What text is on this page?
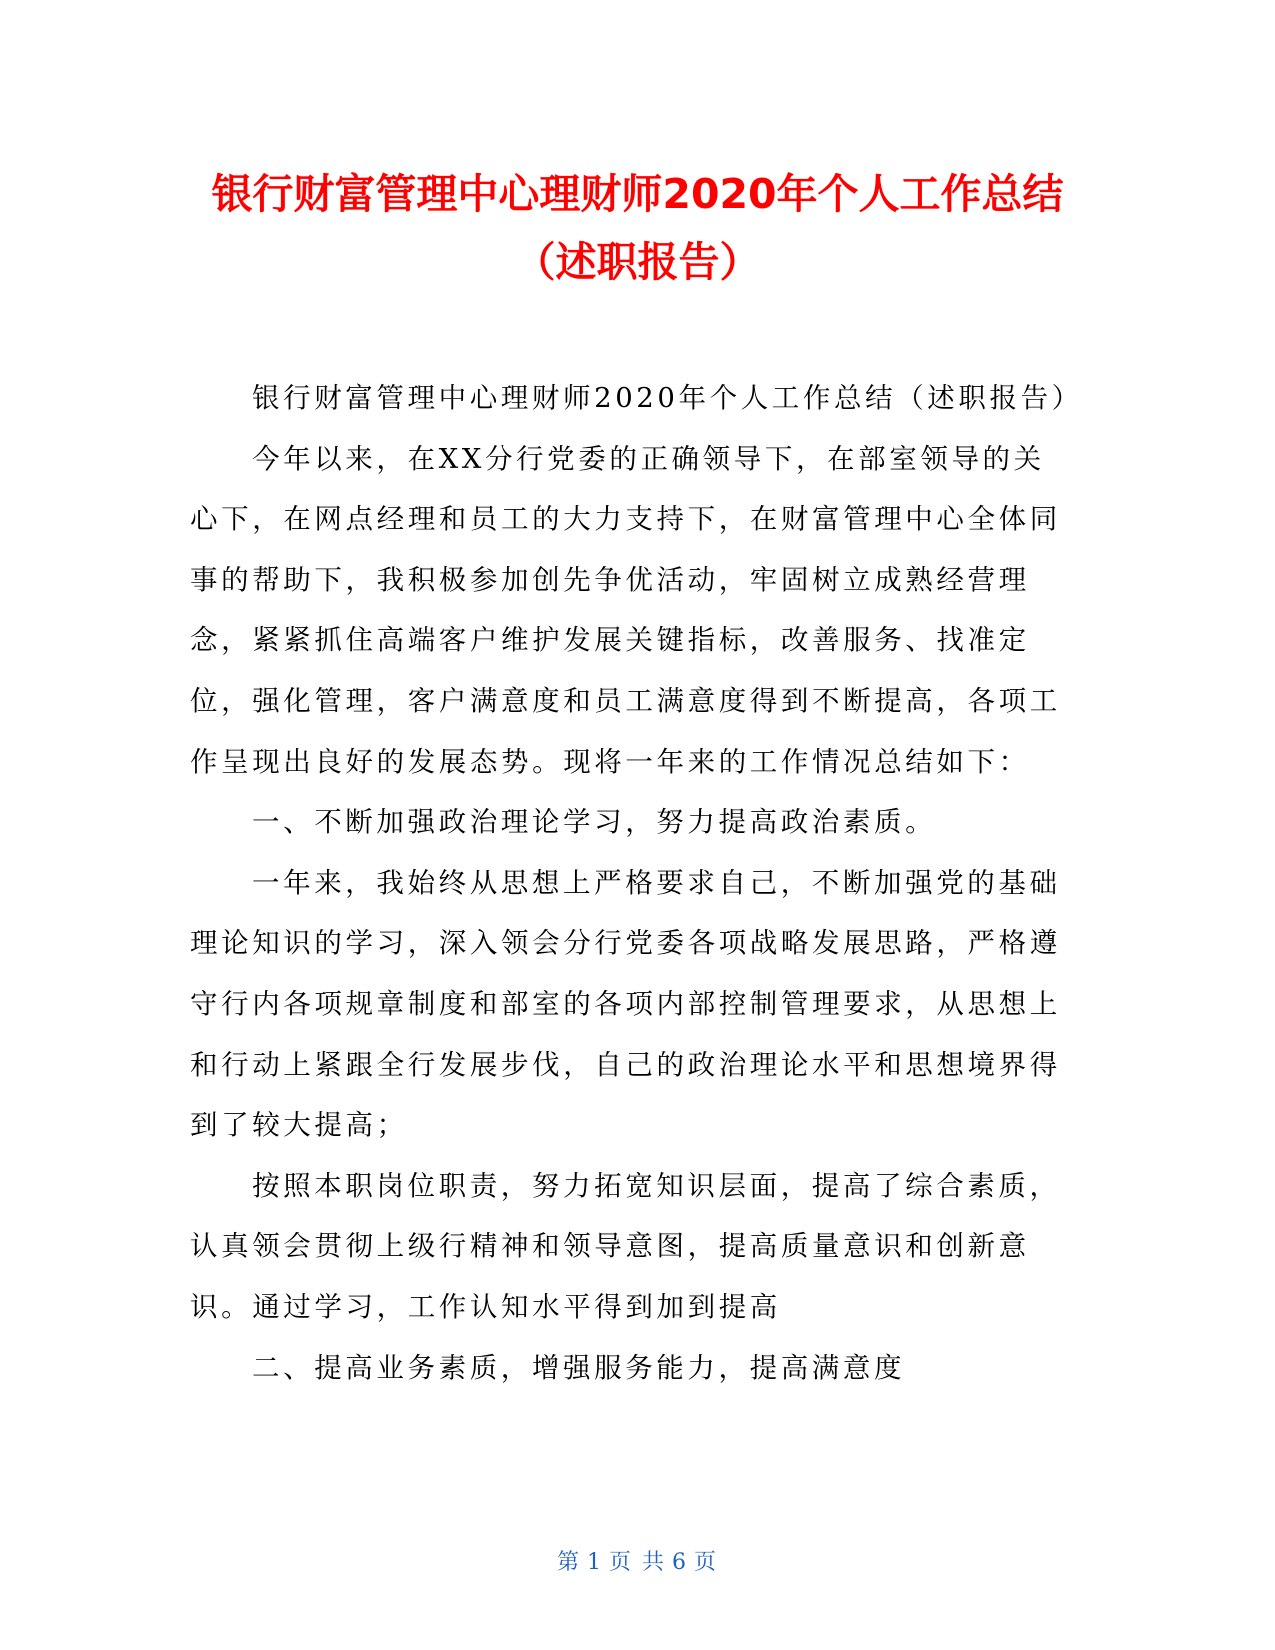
银行财富管理中心理财师2020年个人工作总结
（述职报告）

银行财富管理中心理财师2020年个人工作总结（述职报告）

今年以来，在XX分行党委的正确领导下，在部室领导的关心下，在网点经理和员工的大力支持下，在财富管理中心全体同事的帮助下，我积极参加创先争优活动，牢固树立成熟经营理念，紧紧抓住高端客户维护发展关键指标，改善服务、找准定位，强化管理，客户满意度和员工满意度得到不断提高，各项工作呈现出良好的发展态势。现将一年来的工作情况总结如下：

一、不断加强政治理论学习，努力提高政治素质。

一年来，我始终从思想上严格要求自己，不断加强党的基础理论知识的学习，深入领会分行党委各项战略发展思路，严格遵守行内各项规章制度和部室的各项内部控制管理要求，从思想上和行动上紧跟全行发展步伐，自己的政治理论水平和思想境界得到了较大提高；

按照本职岗位职责，努力拓宽知识层面，提高了综合素质，认真领会贯彻上级行精神和领导意图，提高质量意识和创新意识。通过学习，工作认知水平得到加到提高

二、提高业务素质，增强服务能力，提高满意度

第 1 页 共 6 页
